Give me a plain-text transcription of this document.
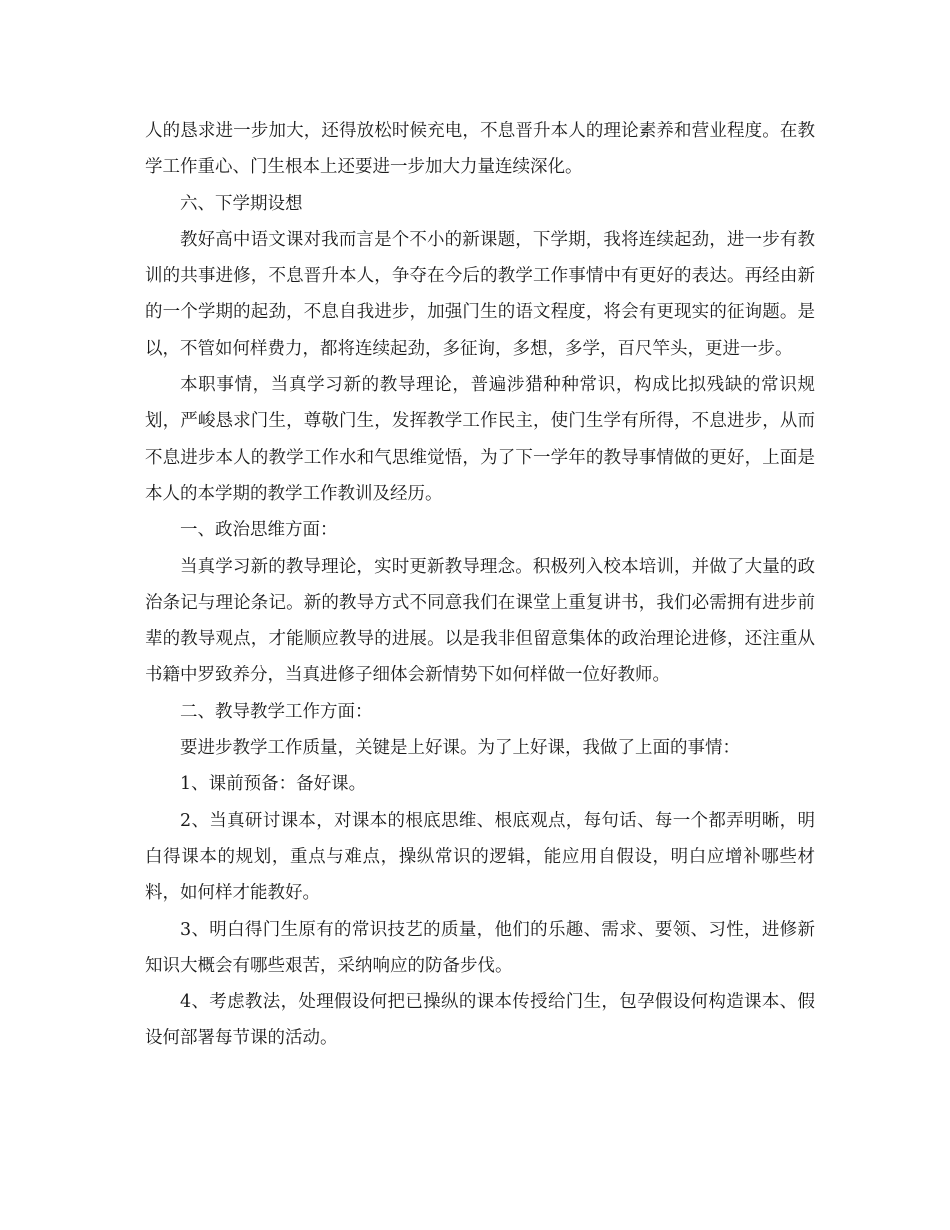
人的恳求进一步加大，还得放松时候充电，不息晋升本人的理论素养和营业程度。在教学工作重心、门生根本上还要进一步加大力量连续深化。

六、下学期设想

教好高中语文课对我而言是个不小的新课题，下学期，我将连续起劲，进一步有教训的共事进修，不息晋升本人，争夺在今后的教学工作事情中有更好的表达。再经由新的一个学期的起劲，不息自我进步，加强门生的语文程度，将会有更现实的征询题。是以，不管如何样费力，都将连续起劲，多征询，多想，多学，百尺竿头，更进一步。

本职事情，当真学习新的教导理论，普遍涉猎种种常识，构成比拟残缺的常识规划，严峻恳求门生，尊敬门生，发挥教学工作民主，使门生学有所得，不息进步，从而不息进步本人的教学工作水和气思维觉悟，为了下一学年的教导事情做的更好，上面是本人的本学期的教学工作教训及经历。

一、政治思维方面：

当真学习新的教导理论，实时更新教导理念。积极列入校本培训，并做了大量的政治条记与理论条记。新的教导方式不同意我们在课堂上重复讲书，我们必需拥有进步前辈的教导观点，才能顺应教导的进展。以是我非但留意集体的政治理论进修，还注重从书籍中罗致养分，当真进修子细体会新情势下如何样做一位好教师。

二、教导教学工作方面：

要进步教学工作质量，关键是上好课。为了上好课，我做了上面的事情：

1、课前预备：备好课。

2、当真研讨课本，对课本的根底思维、根底观点，每句话、每一个都弄明晰，明白得课本的规划，重点与难点，操纵常识的逻辑，能应用自假设，明白应增补哪些材料，如何样才能教好。

3、明白得门生原有的常识技艺的质量，他们的乐趣、需求、要领、习性，进修新知识大概会有哪些艰苦，采纳响应的防备步伐。

4、考虑教法，处理假设何把已操纵的课本传授给门生，包孕假设何构造课本、假设何部署每节课的活动。
